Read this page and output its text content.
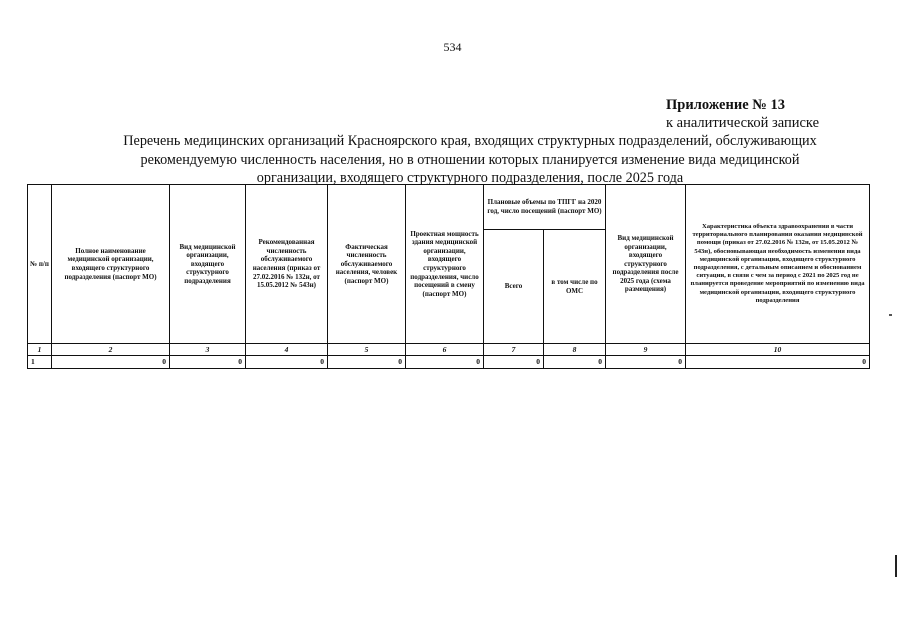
534
Приложение № 13
к аналитической записке
Перечень медицинских организаций Красноярского края, входящих структурных подразделений, обслуживающих
рекомендуемую численность населения, но в отношении которых планируется изменение вида медицинской
организации, входящего структурного подразделения, после 2025 года
№ п/п	Полное наименование медицинской организации, входящего структурного подразделения (паспорт МО)	Вид медицинской организации, входящего структурного подразделения	Рекомендованная численность обслуживаемого населения (приказ от 27.02.2016 № 132н, от 15.05.2012 № 543н)	Фактическая численность обслуживаемого населения, человек (паспорт МО)	Проектная мощность здания медицинской организации, входящего структурного подразделения, число посещений в смену (паспорт МО)	Плановые объемы по ТПГГ на 2020 год, число посещений (паспорт МО)		Вид медицинской организации, входящего структурного подразделения после 2025 года (схема размещения)	Характеристика объекта здравоохранения в части территориального планирования оказания медицинской помощи (приказ от 27.02.2016 № 132н, от 15.05.2012 № 543н), обосновывающая необходимость изменения вида медицинской организации, входящего структурного подразделения, с детальным описанием и обоснованием ситуации, в связи с чем за период с 2021 по 2025 год не планируется проведение мероприятий по изменению вида медицинской организации, входящего структурного подразделения
						Всего	в том числе по ОМС		
1	2	3	4	5	6	7	8	9	10
1	0	0	0	0	0	0	0	0	0
